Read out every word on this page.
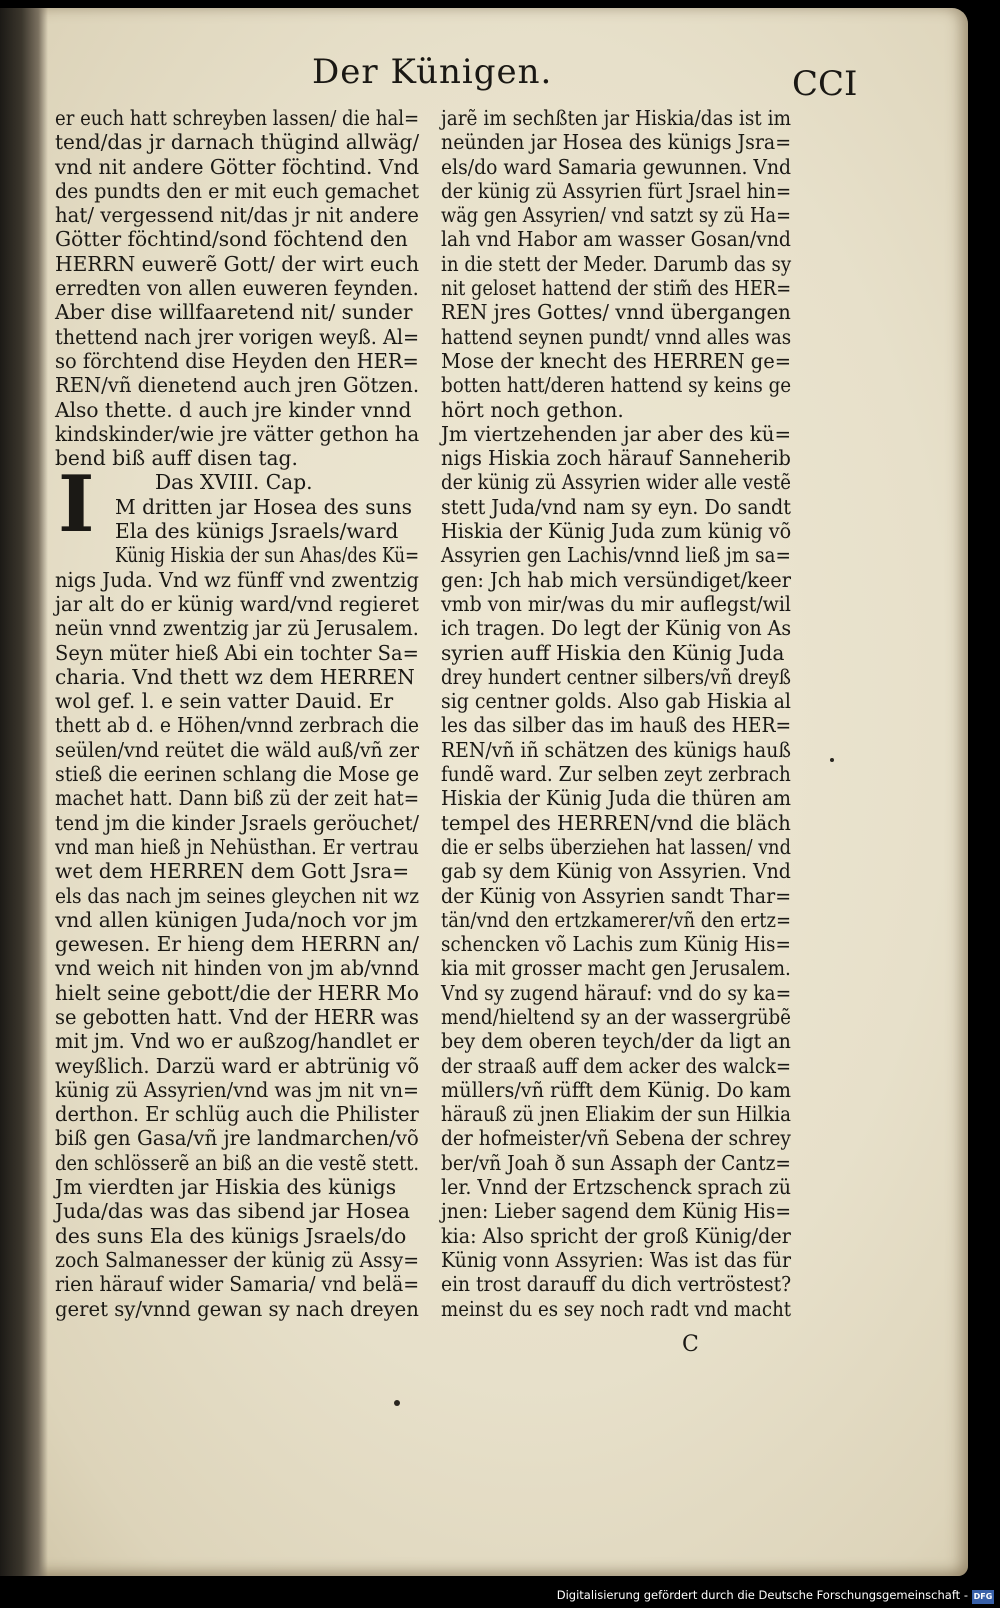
Der Künigen.	CCI
er euch hatt schreyben lassen/ die hal=
tend/das jr darnach thügind allwäg/
vnd nit andere Götter föchtind. Vnd
des pundts den er mit euch gemachet
hat/ vergessend nit/das jr nit andere
Götter föchtind/sond föchtend den
HERRN euwerẽ Gott/ der wirt euch
erredten von allen euweren feynden.
Aber dise willfaaretend nit/ sunder
thettend nach jrer vorigen weyß. Al=
so förchtend dise Heyden den HER=
REN/vñ dienetend auch jren Götzen.
Also thette. d auch jre kinder vnnd
kindskinder/wie jre vätter gethon ha
bend biß auff disen tag.
Das XVIII. Cap.
M dritten jar Hosea des suns
Ela des künigs Jsraels/ward
Künig Hiskia der sun Ahas/des Kü=
nigs Juda. Vnd wz fünff vnd zwentzig
jar alt do er künig ward/vnd regieret
neün vnnd zwentzig jar zü Jerusalem.
Seyn müter hieß Abi ein tochter Sa=
charia. Vnd thett wz dem HERREN
wol gef. l. e sein vatter Dauid. Er
thett ab d. e Höhen/vnnd zerbrach die
seülen/vnd reütet die wäld auß/vñ zer
stieß die eerinen schlang die Mose ge
machet hatt. Dann biß zü der zeit hat=
tend jm die kinder Jsraels geröuchet/
vnd man hieß jn Nehüsthan. Er vertrau
wet dem HERREN dem Gott Jsra=
els das nach jm seines gleychen nit wz
vnd allen künigen Juda/noch vor jm
gewesen. Er hieng dem HERRN an/
vnd weich nit hinden von jm ab/vnnd
hielt seine gebott/die der HERR Mo
se gebotten hatt. Vnd der HERR was
mit jm. Vnd wo er außzog/handlet er
weyßlich. Darzü ward er abtrünig võ
künig zü Assyrien/vnd was jm nit vn=
derthon. Er schlüg auch die Philister
biß gen Gasa/vñ jre landmarchen/võ
den schlösserẽ an biß an die vestẽ stett.
Jm vierdten jar Hiskia des künigs
Juda/das was das sibend jar Hosea
des suns Ela des künigs Jsraels/do
zoch Salmanesser der künig zü Assy=
rien härauf wider Samaria/ vnd belä=
geret sy/vnnd gewan sy nach dreyen
I
jarẽ im sechßten jar Hiskia/das ist im
neünden jar Hosea des künigs Jsra=
els/do ward Samaria gewunnen. Vnd
der künig zü Assyrien fürt Jsrael hin=
wäg gen Assyrien/ vnd satzt sy zü Ha=
lah vnd Habor am wasser Gosan/vnd
in die stett der Meder. Darumb das sy
nit geloset hattend der stim̃ des HER=
REN jres Gottes/ vnnd übergangen
hattend seynen pundt/ vnnd alles was
Mose der knecht des HERREN ge=
botten hatt/deren hattend sy keins ge
hört noch gethon.
Jm viertzehenden jar aber des kü=
nigs Hiskia zoch härauf Sanneherib
der künig zü Assyrien wider alle vestẽ
stett Juda/vnd nam sy eyn. Do sandt
Hiskia der Künig Juda zum künig võ
Assyrien gen Lachis/vnnd ließ jm sa=
gen: Jch hab mich versündiget/keer
vmb von mir/was du mir auflegst/wil
ich tragen. Do legt der Künig von As
syrien auff Hiskia den Künig Juda
drey hundert centner silbers/vñ dreyß
sig centner golds. Also gab Hiskia al
les das silber das im hauß des HER=
REN/vñ iñ schätzen des künigs hauß
fundẽ ward. Zur selben zeyt zerbrach
Hiskia der Künig Juda die thüren am
tempel des HERREN/vnd die bläch
die er selbs überziehen hat lassen/ vnd
gab sy dem Künig von Assyrien. Vnd
der Künig von Assyrien sandt Thar=
tän/vnd den ertzkamerer/vñ den ertz=
schencken võ Lachis zum Künig His=
kia mit grosser macht gen Jerusalem.
Vnd sy zugend härauf: vnd do sy ka=
mend/hieltend sy an der wassergrübẽ
bey dem oberen teych/der da ligt an
der straaß auff dem acker des walck=
müllers/vñ rüfft dem Künig. Do kam
härauß zü jnen Eliakim der sun Hilkia
der hofmeister/vñ Sebena der schrey
ber/vñ Joah ð sun Assaph der Cantz=
ler. Vnnd der Ertzschenck sprach zü
jnen: Lieber sagend dem Künig His=
kia: Also spricht der groß Künig/der
Künig vonn Assyrien: Was ist das für
ein trost darauff du dich vertröstest?
meinst du es sey noch radt vnd macht
C
Digitalisierung gefördert durch die Deutsche Forschungsgemeinschaft - DFG
